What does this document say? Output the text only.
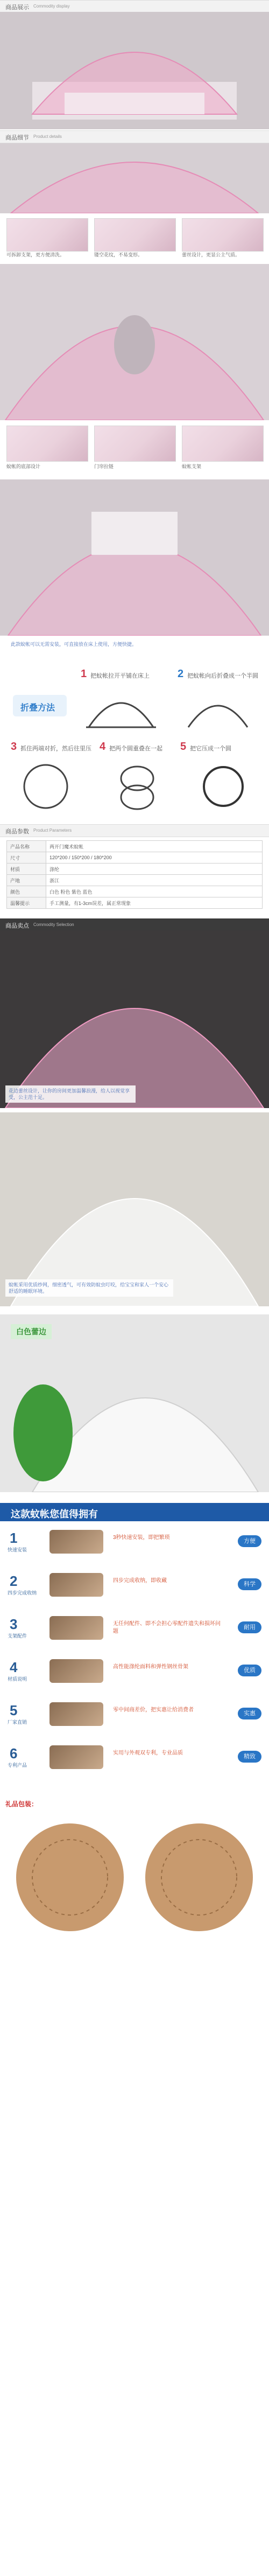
商品展示 Commodity display
商品细节 Product details
可拆卸支架，更方便清洗。	镂空花纹，不易变形。	蕾丝设计，更显公主气质。
蚊帐的底部设计	门帘拉链	蚊帐支架
此款蚊帐可以无需安装，可直接放在床上使用，方便快捷。
折叠方法
1 把蚊帐拉开平铺在床上	2 把蚊帐向后折叠成一个半圆
3 抓住两端对折，然后往里压 4 把两个圆重叠在一起 5 把它压成一个圆
商品参数 Product Parameters
产品名称	两开门魔术蚊帐
尺寸	120*200 / 150*200 / 180*200
材质	涤纶
产地	浙江
颜色	白色 粉色 紫色 蓝色
温馨提示	手工测量，有1-3cm误差，属正常现象
商品卖点 Commodity Selection
花边蕾丝设计，让你的房间更加温馨浪漫，给人以视觉享受，公主范十足。
蚊帐采用优质纱网，细密透气，可有效防蚊虫叮咬，给宝宝和家人一个安心舒适的睡眠环境。
白色蕾边
这款蚊帐您值得拥有
1
快速安装
3秒快速安装，即把繁琐
方便
2
四步完成收纳
四步完成收纳，即收藏
科学
3
支架配件
无任何配件、即不会担心零配件遗失和损坏问题
耐用
4
材质说明
高性能涤纶面料和弹性钢丝骨架
优质
5
厂家直销
零中间商差价，把实惠让给消费者
实惠
6
专利产品
实用与外观双专利，专业品质
精致
礼品包装：
